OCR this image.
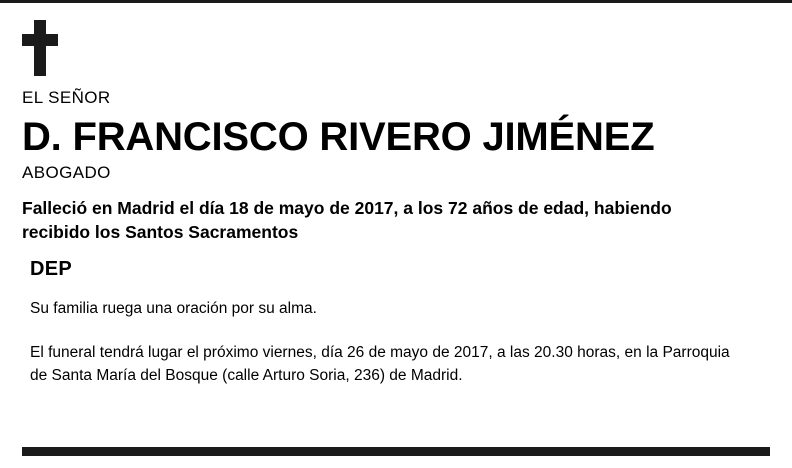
EL SEÑOR
D. FRANCISCO RIVERO JIMÉNEZ
ABOGADO
Falleció en Madrid el día 18 de mayo de 2017, a los 72 años de edad, habiendo recibido los Santos Sacramentos
DEP
Su familia ruega una oración por su alma.
El funeral tendrá lugar el próximo viernes, día 26 de mayo de 2017, a las 20.30 horas, en la Parroquia de Santa María del Bosque (calle Arturo Soria, 236) de Madrid.
